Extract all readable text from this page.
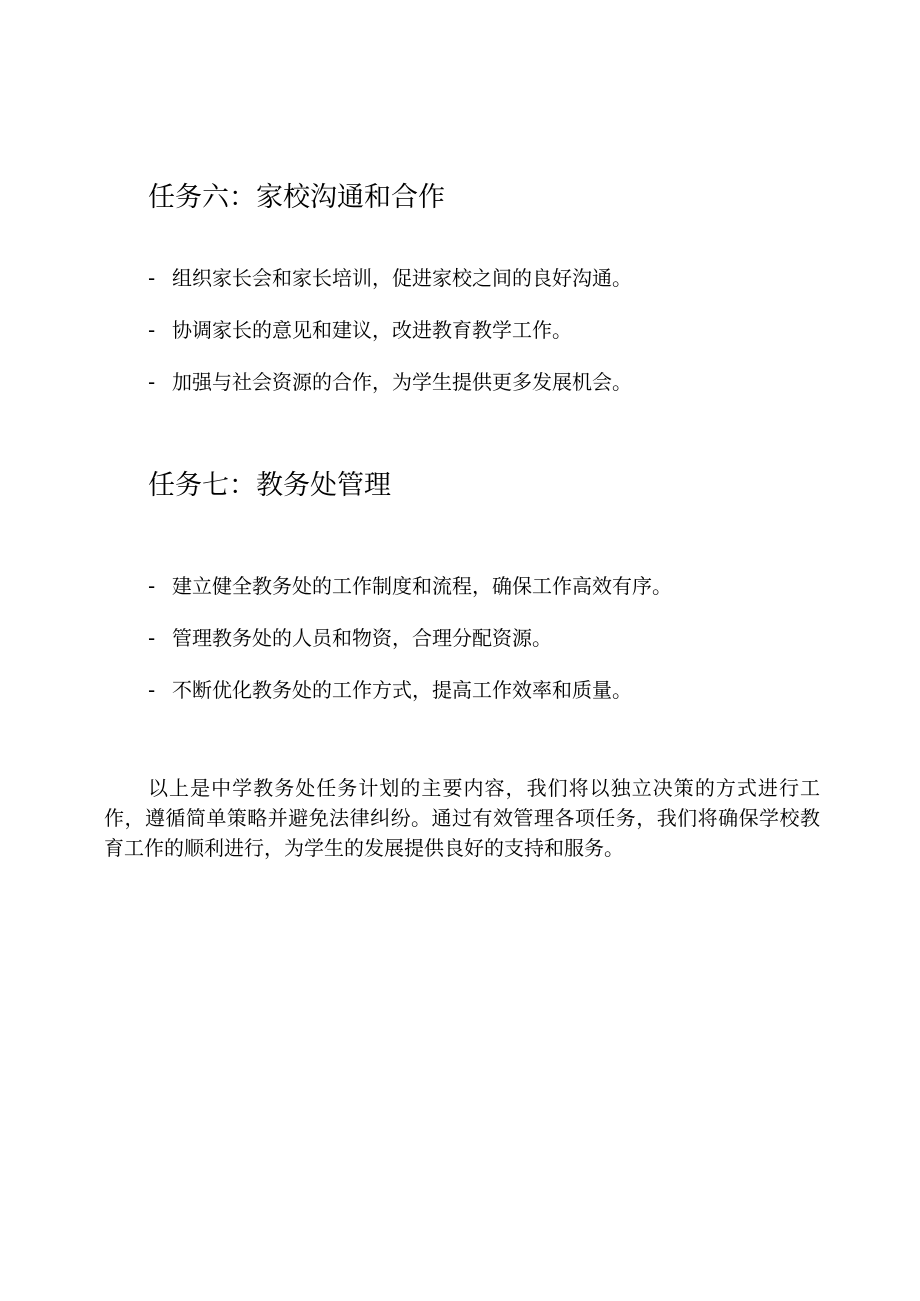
任务六：家校沟通和合作

- 组织家长会和家长培训，促进家校之间的良好沟通。

- 协调家长的意见和建议，改进教育教学工作。

- 加强与社会资源的合作，为学生提供更多发展机会。

任务七：教务处管理

- 建立健全教务处的工作制度和流程，确保工作高效有序。

- 管理教务处的人员和物资，合理分配资源。

- 不断优化教务处的工作方式，提高工作效率和质量。

以上是中学教务处任务计划的主要内容，我们将以独立决策的方式进行工作，遵循简单策略并避免法律纠纷。通过有效管理各项任务，我们将确保学校教育工作的顺利进行，为学生的发展提供良好的支持和服务。
